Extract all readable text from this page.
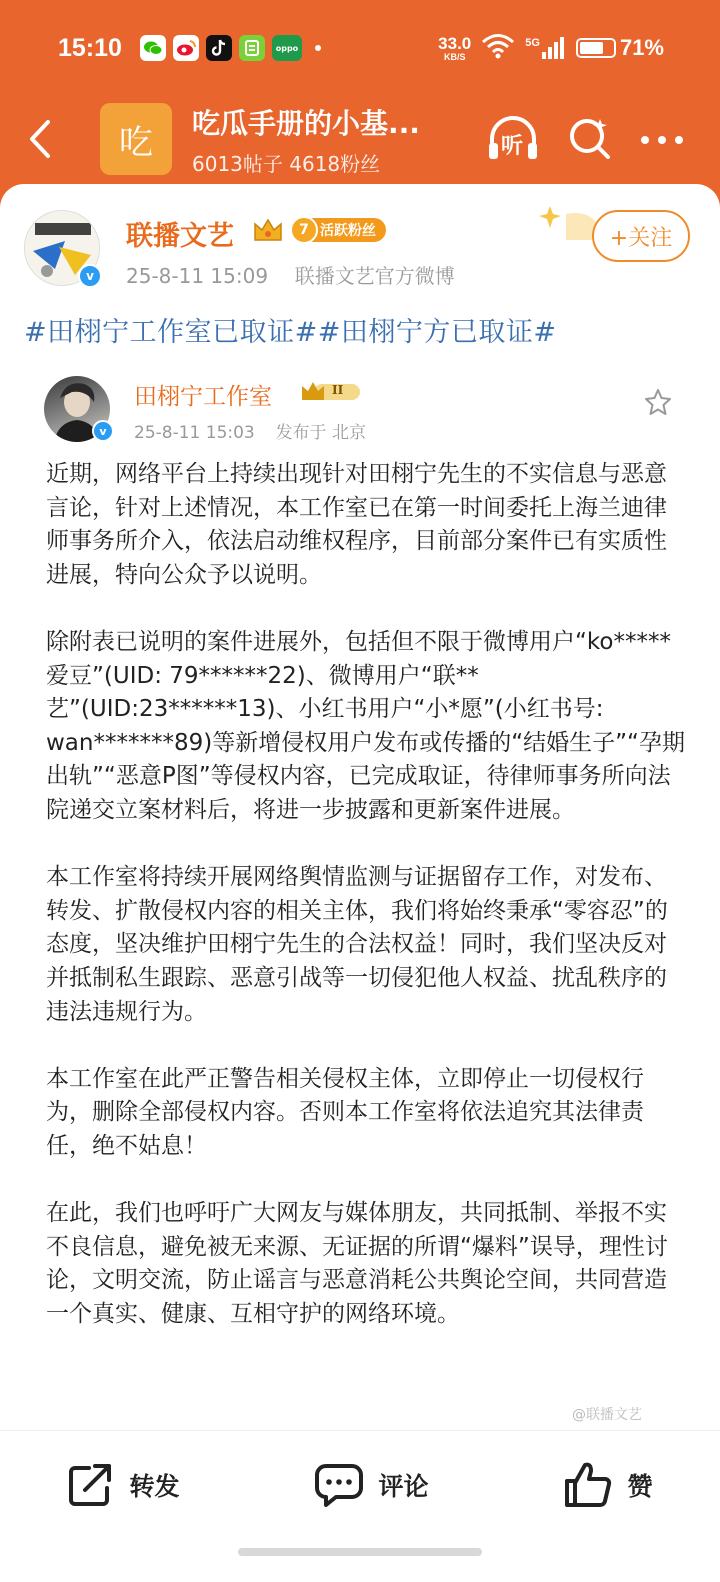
15:10	oppo	33.0
KB/S
5G	71%
吃 吃瓜手册的小基...
6013帖子 4618粉丝
听
v
联播文艺	7 活跃粉丝
25-8-11 15:09 联播文艺官方微博
+关注
#田栩宁工作室已取证##田栩宁方已取证#
v
田栩宁工作室	II
25-8-11 15:03 发布于 北京

近期，网络平台上持续出现针对田栩宁先生的不实信息与恶意言论，针对上述情况，本工作室已在第一时间委托上海兰迪律师事务所介入，依法启动维权程序，目前部分案件已有实质性进展，特向公众予以说明。

除附表已说明的案件进展外，包括但不限于微博用户“ko*****爱豆”(UID: 79******22)、微博用户“联**艺”(UID:23******13)、小红书用户“小*愿”(小红书号: wan*******89)等新增侵权用户发布或传播的“结婚生子”“孕期出轨”“恶意P图”等侵权内容，已完成取证，待律师事务所向法院递交立案材料后，将进一步披露和更新案件进展。

本工作室将持续开展网络舆情监测与证据留存工作，对发布、转发、扩散侵权内容的相关主体，我们将始终秉承“零容忍”的态度，坚决维护田栩宁先生的合法权益！同时，我们坚决反对并抵制私生跟踪、恶意引战等一切侵犯他人权益、扰乱秩序的违法违规行为。

本工作室在此严正警告相关侵权主体，立即停止一切侵权行为，删除全部侵权内容。否则本工作室将依法追究其法律责任，绝不姑息！

在此，我们也呼吁广大网友与媒体朋友，共同抵制、举报不实不良信息，避免被无来源、无证据的所谓“爆料”误导，理性讨论，文明交流，防止谣言与恶意消耗公共舆论空间，共同营造一个真实、健康、互相守护的网络环境。

@联播文艺
转发	评论	赞
